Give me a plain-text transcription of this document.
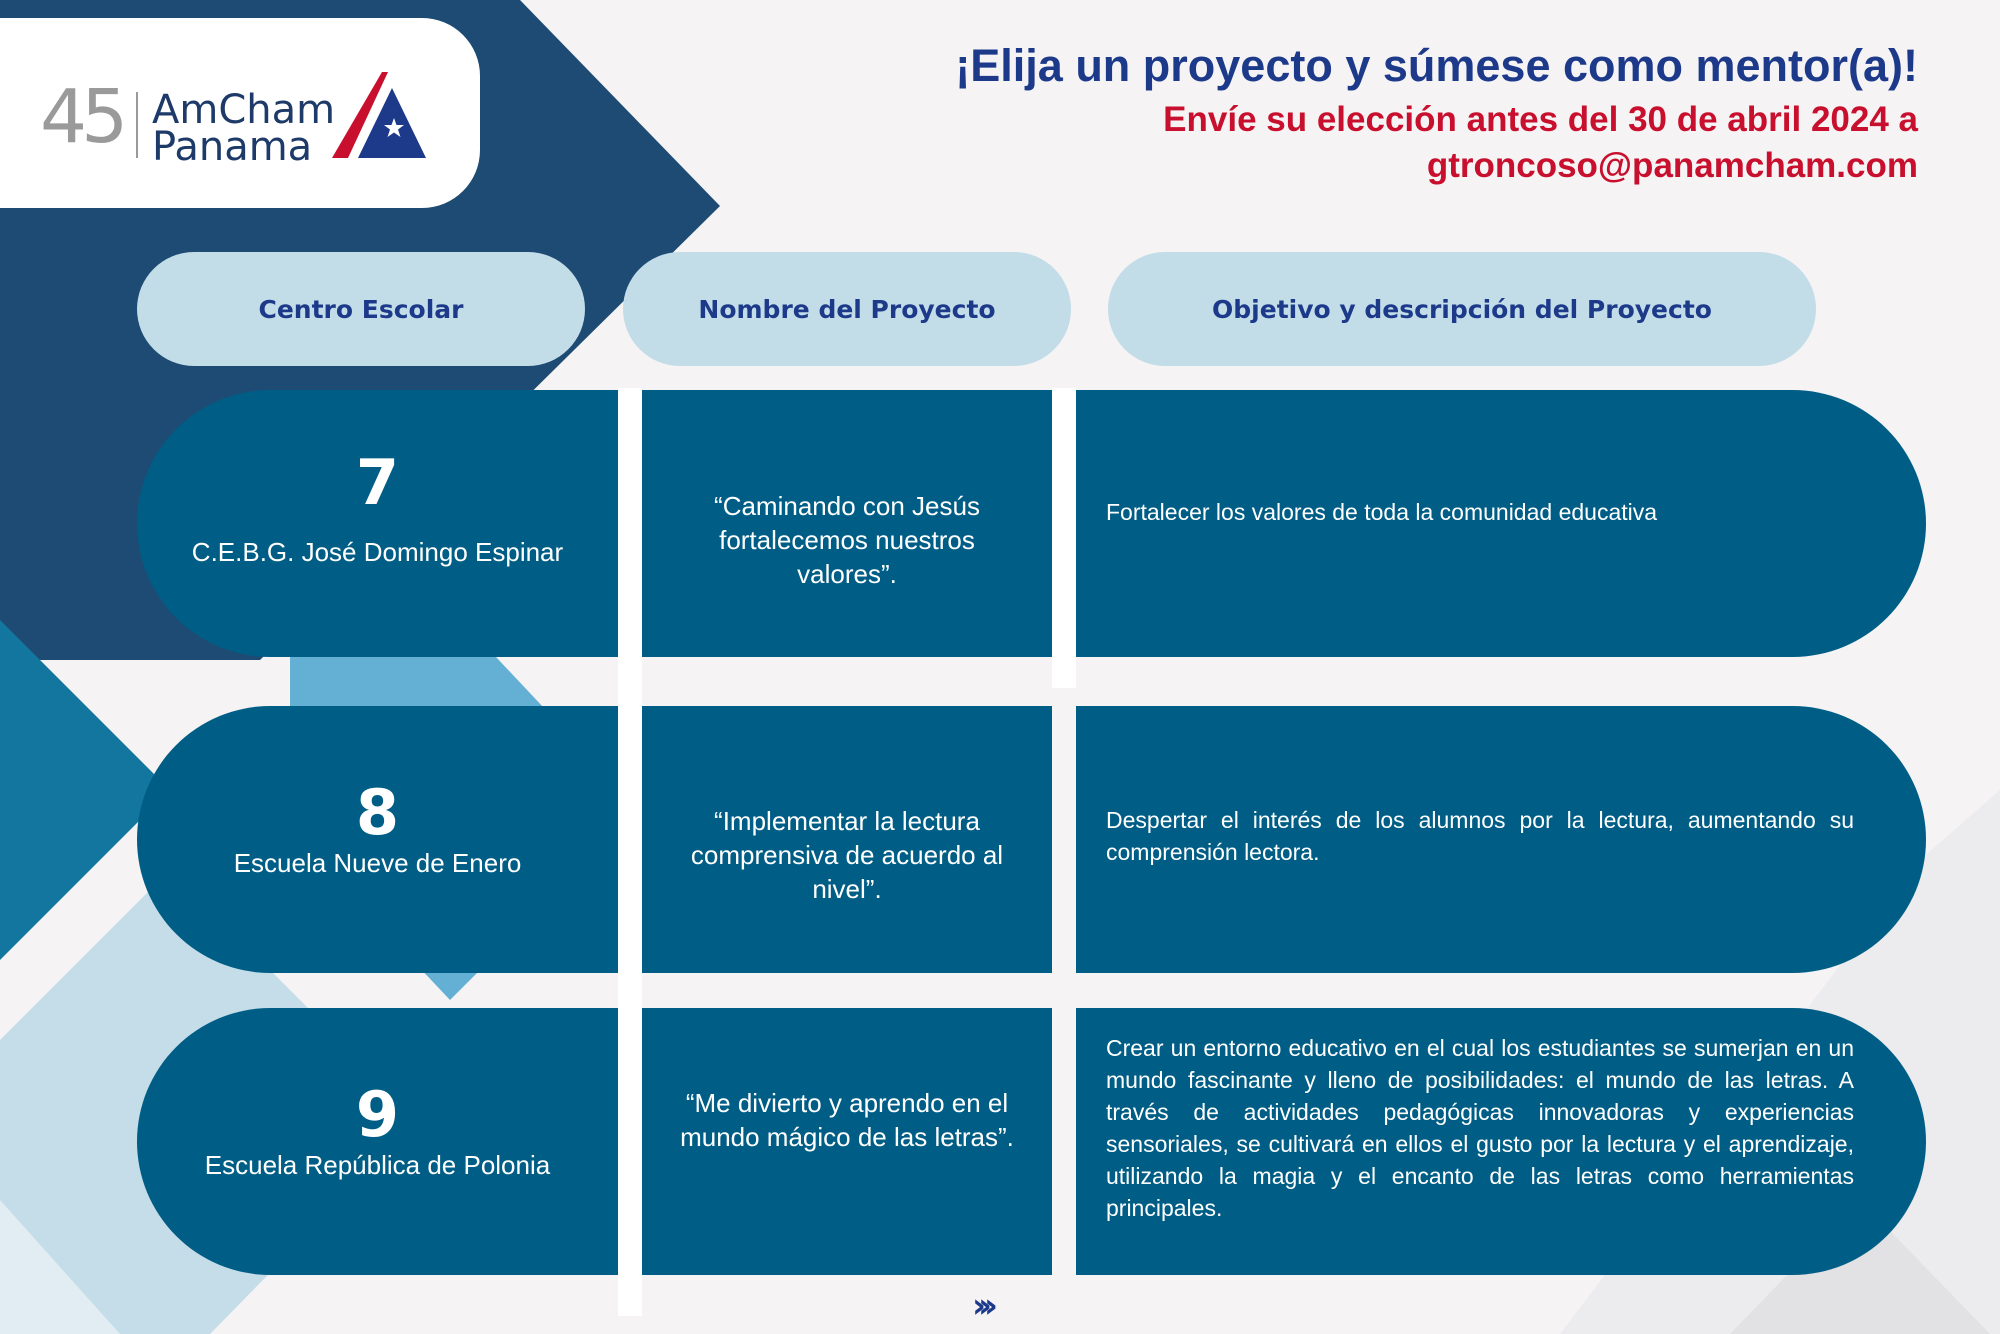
45 AmCham
Panama
¡Elija un proyecto y súmese como mentor(a)!
Envíe su elección antes del 30 de abril 2024 a
gtroncoso@panamcham.com
Centro Escolar	Nombre del Proyecto	Objetivo y descripción del Proyecto
7
C.E.B.G. José Domingo Espinar
“Caminando con Jesús fortalecemos nuestros valores”.
Fortalecer los valores de toda la comunidad educativa
8
Escuela Nueve de Enero
“Implementar la lectura comprensiva de acuerdo al nivel”.
Despertar el interés de los alumnos por la lectura, aumentando su comprensión lectora.
9
Escuela República de Polonia
“Me divierto y aprendo en el mundo mágico de las letras”.
Crear un entorno educativo en el cual los estudiantes se sumerjan en un mundo fascinante y lleno de posibilidades: el mundo de las letras. A través de actividades pedagógicas innovadoras y experiencias sensoriales, se cultivará en ellos el gusto por la lectura y el aprendizaje, utilizando la magia y el encanto de las letras como herramientas principales.
›››
